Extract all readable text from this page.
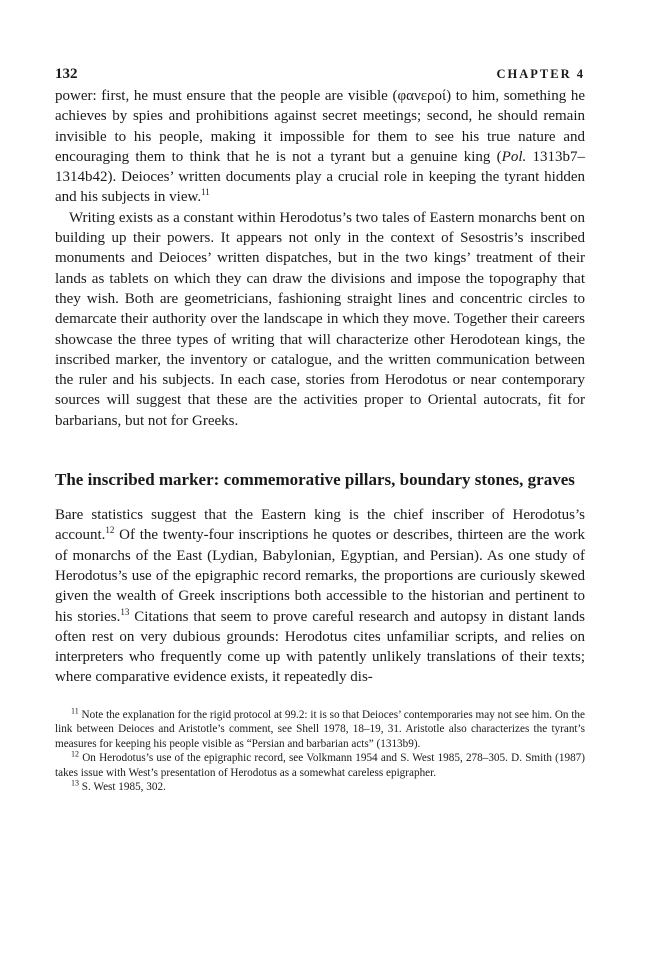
132	CHAPTER 4

power: first, he must ensure that the people are visible (φανεροί) to him, something he achieves by spies and prohibitions against secret meetings; second, he should remain invisible to his people, making it impossible for them to see his true nature and encouraging them to think that he is not a tyrant but a genuine king (Pol. 1313b7–1314b42). Deioces’ written documents play a crucial role in keeping the tyrant hidden and his subjects in view.$^{11}$

Writing exists as a constant within Herodotus’s two tales of Eastern monarchs bent on building up their powers. It appears not only in the context of Sesostris’s inscribed monuments and Deioces’ written dispatches, but in the two kings’ treatment of their lands as tablets on which they can draw the divisions and impose the topography that they wish. Both are geometricians, fashioning straight lines and concentric circles to demarcate their authority over the landscape in which they move. Together their careers showcase the three types of writing that will characterize other Herodotean kings, the inscribed marker, the inventory or catalogue, and the written communication between the ruler and his subjects. In each case, stories from Herodotus or near contemporary sources will suggest that these are the activities proper to Oriental autocrats, fit for barbarians, but not for Greeks.

The inscribed marker: commemorative pillars, boundary stones, graves

Bare statistics suggest that the Eastern king is the chief inscriber of Herodotus’s account.$^{12}$ Of the twenty-four inscriptions he quotes or describes, thirteen are the work of monarchs of the East (Lydian, Babylonian, Egyptian, and Persian). As one study of Herodotus’s use of the epigraphic record remarks, the proportions are curiously skewed given the wealth of Greek inscriptions both accessible to the historian and pertinent to his stories.$^{13}$ Citations that seem to prove careful research and autopsy in distant lands often rest on very dubious grounds: Herodotus cites unfamiliar scripts, and relies on interpreters who frequently come up with patently unlikely translations of their texts; where comparative evidence exists, it repeatedly dis-

$^{11}$ Note the explanation for the rigid protocol at 99.2: it is so that Deioces’ contemporaries may not see him. On the link between Deioces and Aristotle’s comment, see Shell 1978, 18–19, 31. Aristotle also characterizes the tyrant’s measures for keeping his people visible as “Persian and barbarian acts” (1313b9).

$^{12}$ On Herodotus’s use of the epigraphic record, see Volkmann 1954 and S. West 1985, 278–305. D. Smith (1987) takes issue with West’s presentation of Herodotus as a somewhat careless epigrapher.

$^{13}$ S. West 1985, 302.
